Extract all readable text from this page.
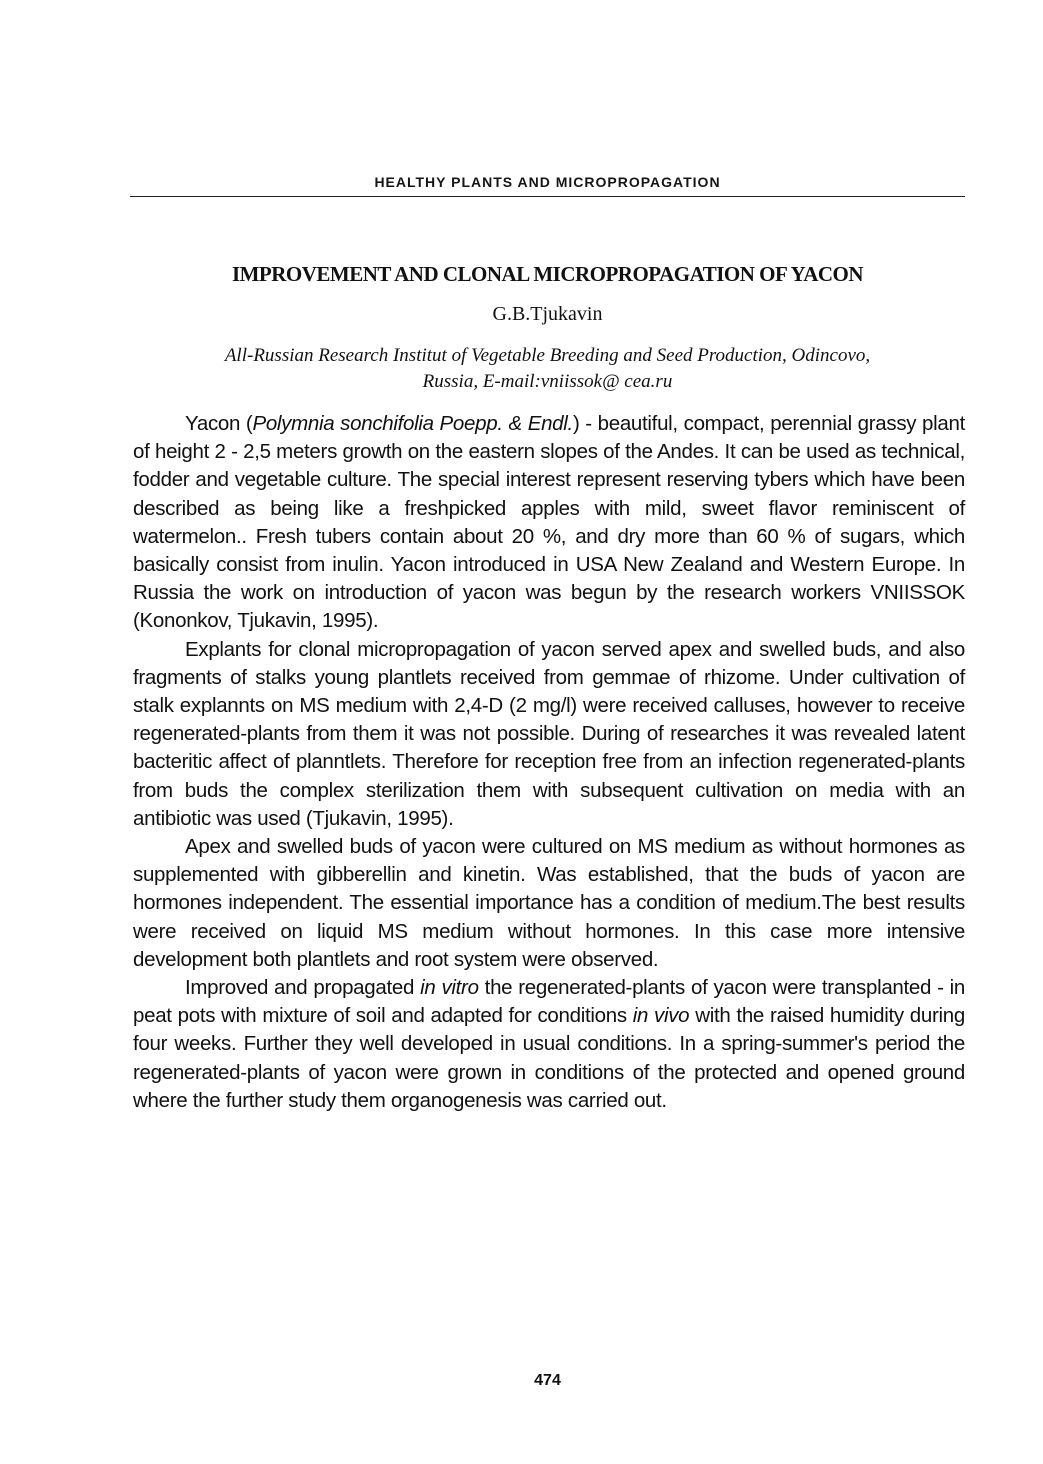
HEALTHY PLANTS AND MICROPROPAGATION
IMPROVEMENT AND CLONAL MICROPROPAGATION OF YACON
G.B.Tjukavin
All-Russian Research Institut of Vegetable Breeding and Seed Production, Odincovo,
Russia, E-mail:vniissok@ cea.ru

Yacon (Polymnia sonchifolia Poepp. & Endl.) - beautiful, compact, perennial grassy plant of height 2 - 2,5 meters growth on the eastern slopes of the Andes. It can be used as technical, fodder and vegetable culture. The special interest represent reserving tybers which have been described as being like a freshpicked apples with mild, sweet flavor reminiscent of watermelon.. Fresh tubers contain about 20 %, and dry more than 60 % of sugars, which basically consist from inulin. Yacon introduced in USA New Zealand and Western Europe. In Russia the work on introduction of yacon was begun by the research workers VNIISSOK (Kononkov, Tjukavin, 1995).

Explants for clonal micropropagation of yacon served apex and swelled buds, and also fragments of stalks young plantlets received from gemmae of rhizome. Under cultivation of stalk explannts on MS medium with 2,4-D (2 mg/l) were received calluses, however to receive regenerated-plants from them it was not possible. During of researches it was revealed latent bacteritic affect of planntlets. Therefore for reception free from an infection regenerated-plants from buds the complex sterilization them with subsequent cultivation on media with an antibiotic was used (Tjukavin, 1995).

Apex and swelled buds of yacon were cultured on MS medium as without hormones as supplemented with gibberellin and kinetin. Was established, that the buds of yacon are hormones independent. The essential importance has a condition of medium.The best results were received on liquid MS medium without hormones. In this case more intensive development both plantlets and root system were observed.

Improved and propagated in vitro the regenerated-plants of yacon were transplanted - in peat pots with mixture of soil and adapted for conditions in vivo with the raised humidity during four weeks. Further they well developed in usual conditions. In a spring-summer's period the regenerated-plants of yacon were grown in conditions of the protected and opened ground where the further study them organogenesis was carried out.

474
